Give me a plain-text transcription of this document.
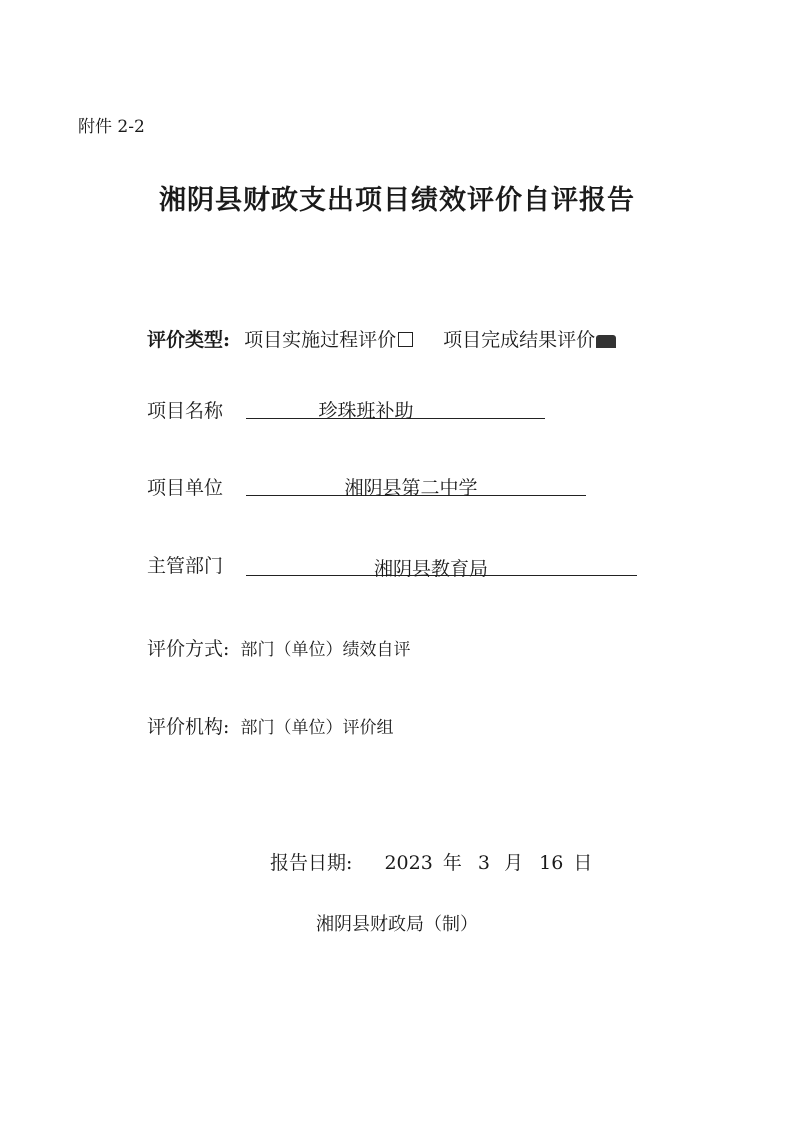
附件 2-2
湘阴县财政支出项目绩效评价自评报告
评价类型: 项目实施过程评价 项目完成结果评价
项目名称	珍珠班补助
项目单位	湘阴县第二中学
主管部门	湘阴县教育局
评价方式: 部门（单位）绩效自评
评价机构: 部门（单位）评价组
报告日期: 2023 年 3 月 16 日
湘阴县财政局（制）
